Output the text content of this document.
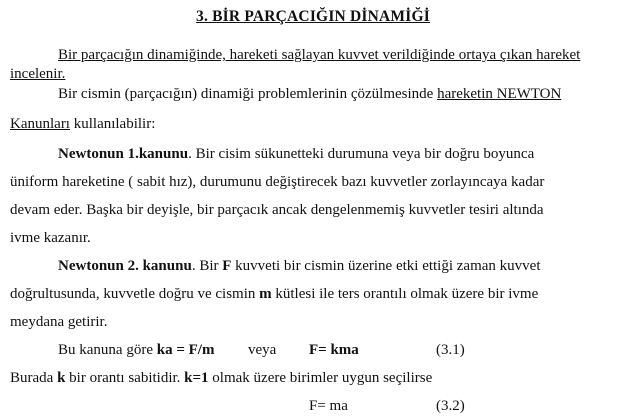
3. BİR PARÇACIĞIN DİNAMİĞİ
Bir parçacığın dinamiğinde, hareketi sağlayan kuvvet verildiğinde ortaya çıkan hareket
incelenir.
Bir cismin (parçacığın) dinamiği problemlerinin çözülmesinde hareketin NEWTON
Kanunları kullanılabilir:
Newtonun 1.kanunu. Bir cisim sükunetteki durumuna veya bir doğru boyunca
üniform hareketine ( sabit hız), durumunu değiştirecek bazı kuvvetler zorlayıncaya kadar
devam eder. Başka bir deyişle, bir parçacık ancak dengelenmemiş kuvvetler tesiri altında
ivme kazanır.
Newtonun 2. kanunu. Bir F kuvveti bir cismin üzerine etki ettiği zaman kuvvet
doğrultusunda, kuvvetle doğru ve cismin m kütlesi ile ters orantılı olmak üzere bir ivme
meydana getirir.
Bu kanuna göre ka = F/m veya F= kma	(3.1)
Burada k bir orantı sabitidir. k=1 olmak üzere birimler uygun seçilirse
F= ma	(3.2)
